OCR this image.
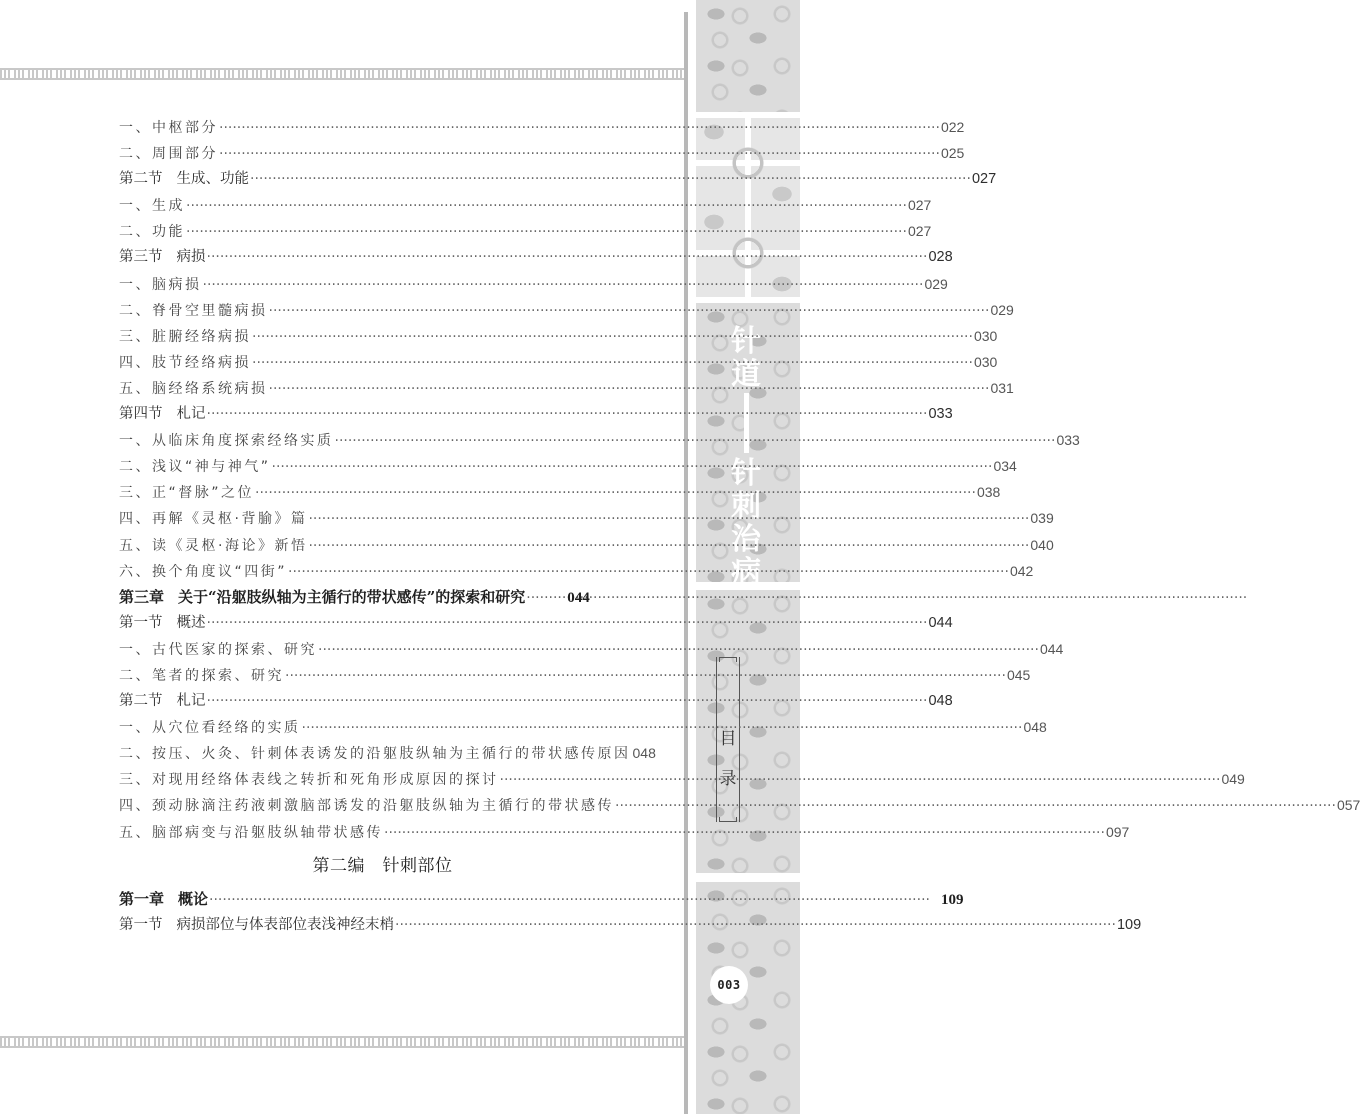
针
道
针
刺
治
病
目
录
003
一、中枢部分 ·····	022
二、周围部分 ·····	025
第二节 生成、功能 ·····	027
一、生成 ·····	027
二、功能 ·····	027
第三节 病损 ·····	028
一、脑病损 ·····	029
二、脊骨空里髓病损 ·····	029
三、脏腑经络病损 ·····	030
四、肢节经络病损 ·····	030
五、脑经络系统病损 ·····	031
第四节 札记 ·····	033
一、从临床角度探索经络实质 ·····	033
二、浅议“神与神气” ·····	034
三、正“督脉”之位 ·····	038
四、再解《灵枢·背腧》篇 ·····	039
五、读《灵枢·海论》新悟 ·····	040
六、换个角度议“四街” ·····	042
第三章 关于“沿躯肢纵轴为主循行的带状感传”的探索和研究 ·····	044
第一节 概述 ·····	044
一、古代医家的探索、研究 ·····	044
二、笔者的探索、研究 ·····	045
第二节 札记 ·····	048
一、从穴位看经络的实质 ·····	048
二、按压、火灸、针刺体表诱发的沿躯肢纵轴为主循行的带状感传原因 048
三、对现用经络体表线之转折和死角形成原因的探讨 ·····	049
四、颈动脉滴注药液刺激脑部诱发的沿躯肢纵轴为主循行的带状感传 ·····	057
五、脑部病变与沿躯肢纵轴带状感传 ·····	097
第二编　针刺部位
第一章 概论 ·····	109
第一节 病损部位与体表部位表浅神经末梢 ·····	109
